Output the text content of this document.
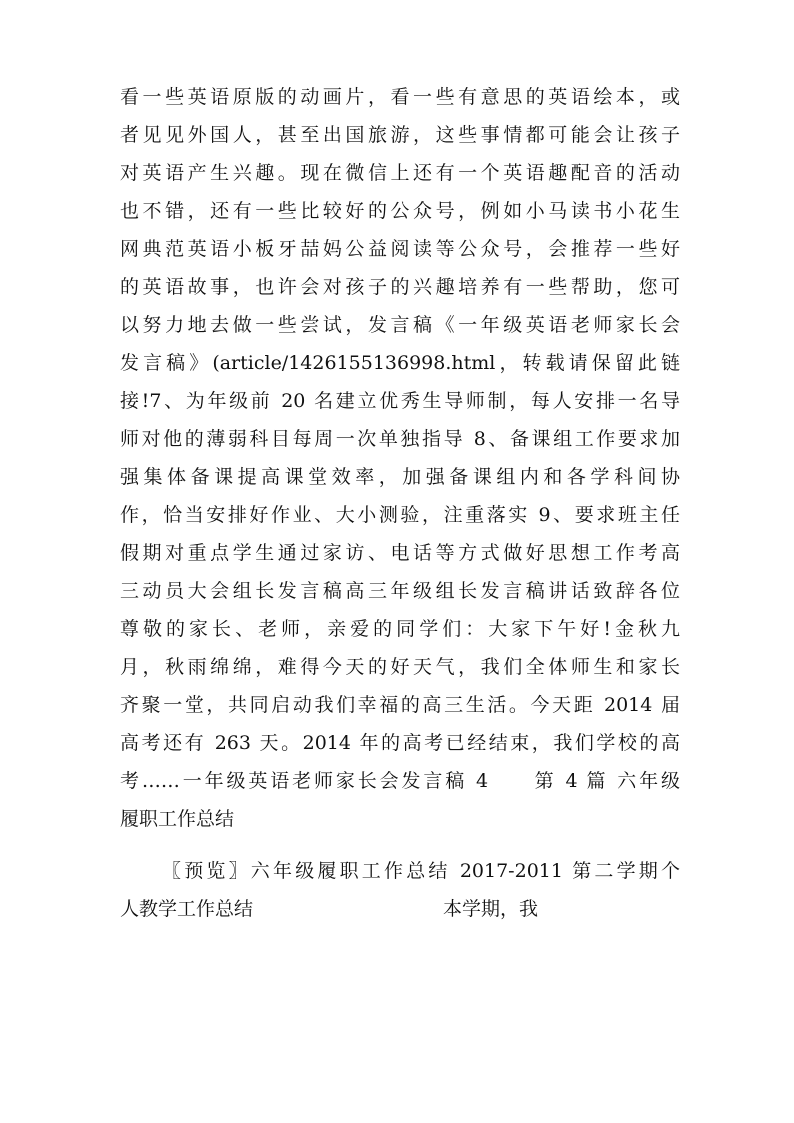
看一些英语原版的动画片，看一些有意思的英语绘本，或
者见见外国人，甚至出国旅游，这些事情都可能会让孩子
对英语产生兴趣。现在微信上还有一个英语趣配音的活动
也不错，还有一些比较好的公众号，例如小马读书小花生
网典范英语小板牙喆妈公益阅读等公众号，会推荐一些好
的英语故事，也许会对孩子的兴趣培养有一些帮助，您可
以努力地去做一些尝试，发言稿《一年级英语老师家长会
发言稿》(article/1426155136998.html，转载请保留此链
接!7、为年级前 20 名建立优秀生导师制，每人安排一名导
师对他的薄弱科目每周一次单独指导 8、备课组工作要求加
强集体备课提高课堂效率，加强备课组内和各学科间协
作，恰当安排好作业、大小测验，注重落实 9、要求班主任
假期对重点学生通过家访、电话等方式做好思想工作考高
三动员大会组长发言稿高三年级组长发言稿讲话致辞各位
尊敬的家长、老师，亲爱的同学们：大家下午好!金秋九
月，秋雨绵绵，难得今天的好天气，我们全体师生和家长
齐聚一堂，共同启动我们幸福的高三生活。今天距 2014 届
高考还有 263 天。2014 年的高考已经结束，我们学校的高
考……一年级英语老师家长会发言稿 4　　第 4 篇 六年级
履职工作总结
〖预览〗六年级履职工作总结 2017-2011 第二学期个
人教学工作总结　　　　　　　　　　本学期，我
